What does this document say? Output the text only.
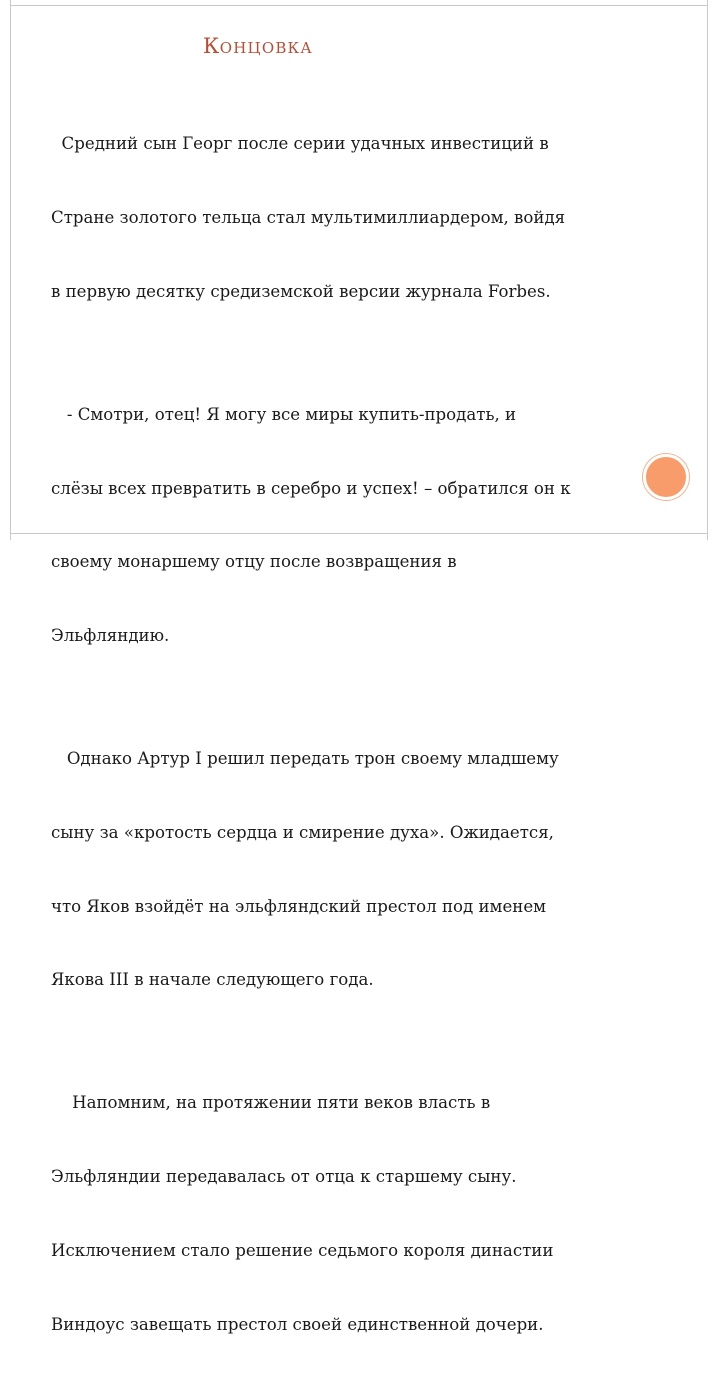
КОНЦОВКА

Средний сын Георг после серии удачных инвестиций в

Стране золотого тельца стал мультимиллиардером, войдя

в первую десятку средиземской версии журнала Forbes.

- Смотри, отец! Я могу все миры купить-продать, и

слёзы всех превратить в серебро и успех! – обратился он к

своему монаршему отцу после возвращения в

Эльфляндию.

Однако Артур I решил передать трон своему младшему

сыну за «кротость сердца и смирение духа». Ожидается,

что Яков взойдёт на эльфляндский престол под именем

Якова III в начале следующего года.

Напомним, на протяжении пяти веков власть в

Эльфляндии передавалась от отца к старшему сыну.

Исключением стало решение седьмого короля династии

Виндоус завещать престол своей единственной дочери.
